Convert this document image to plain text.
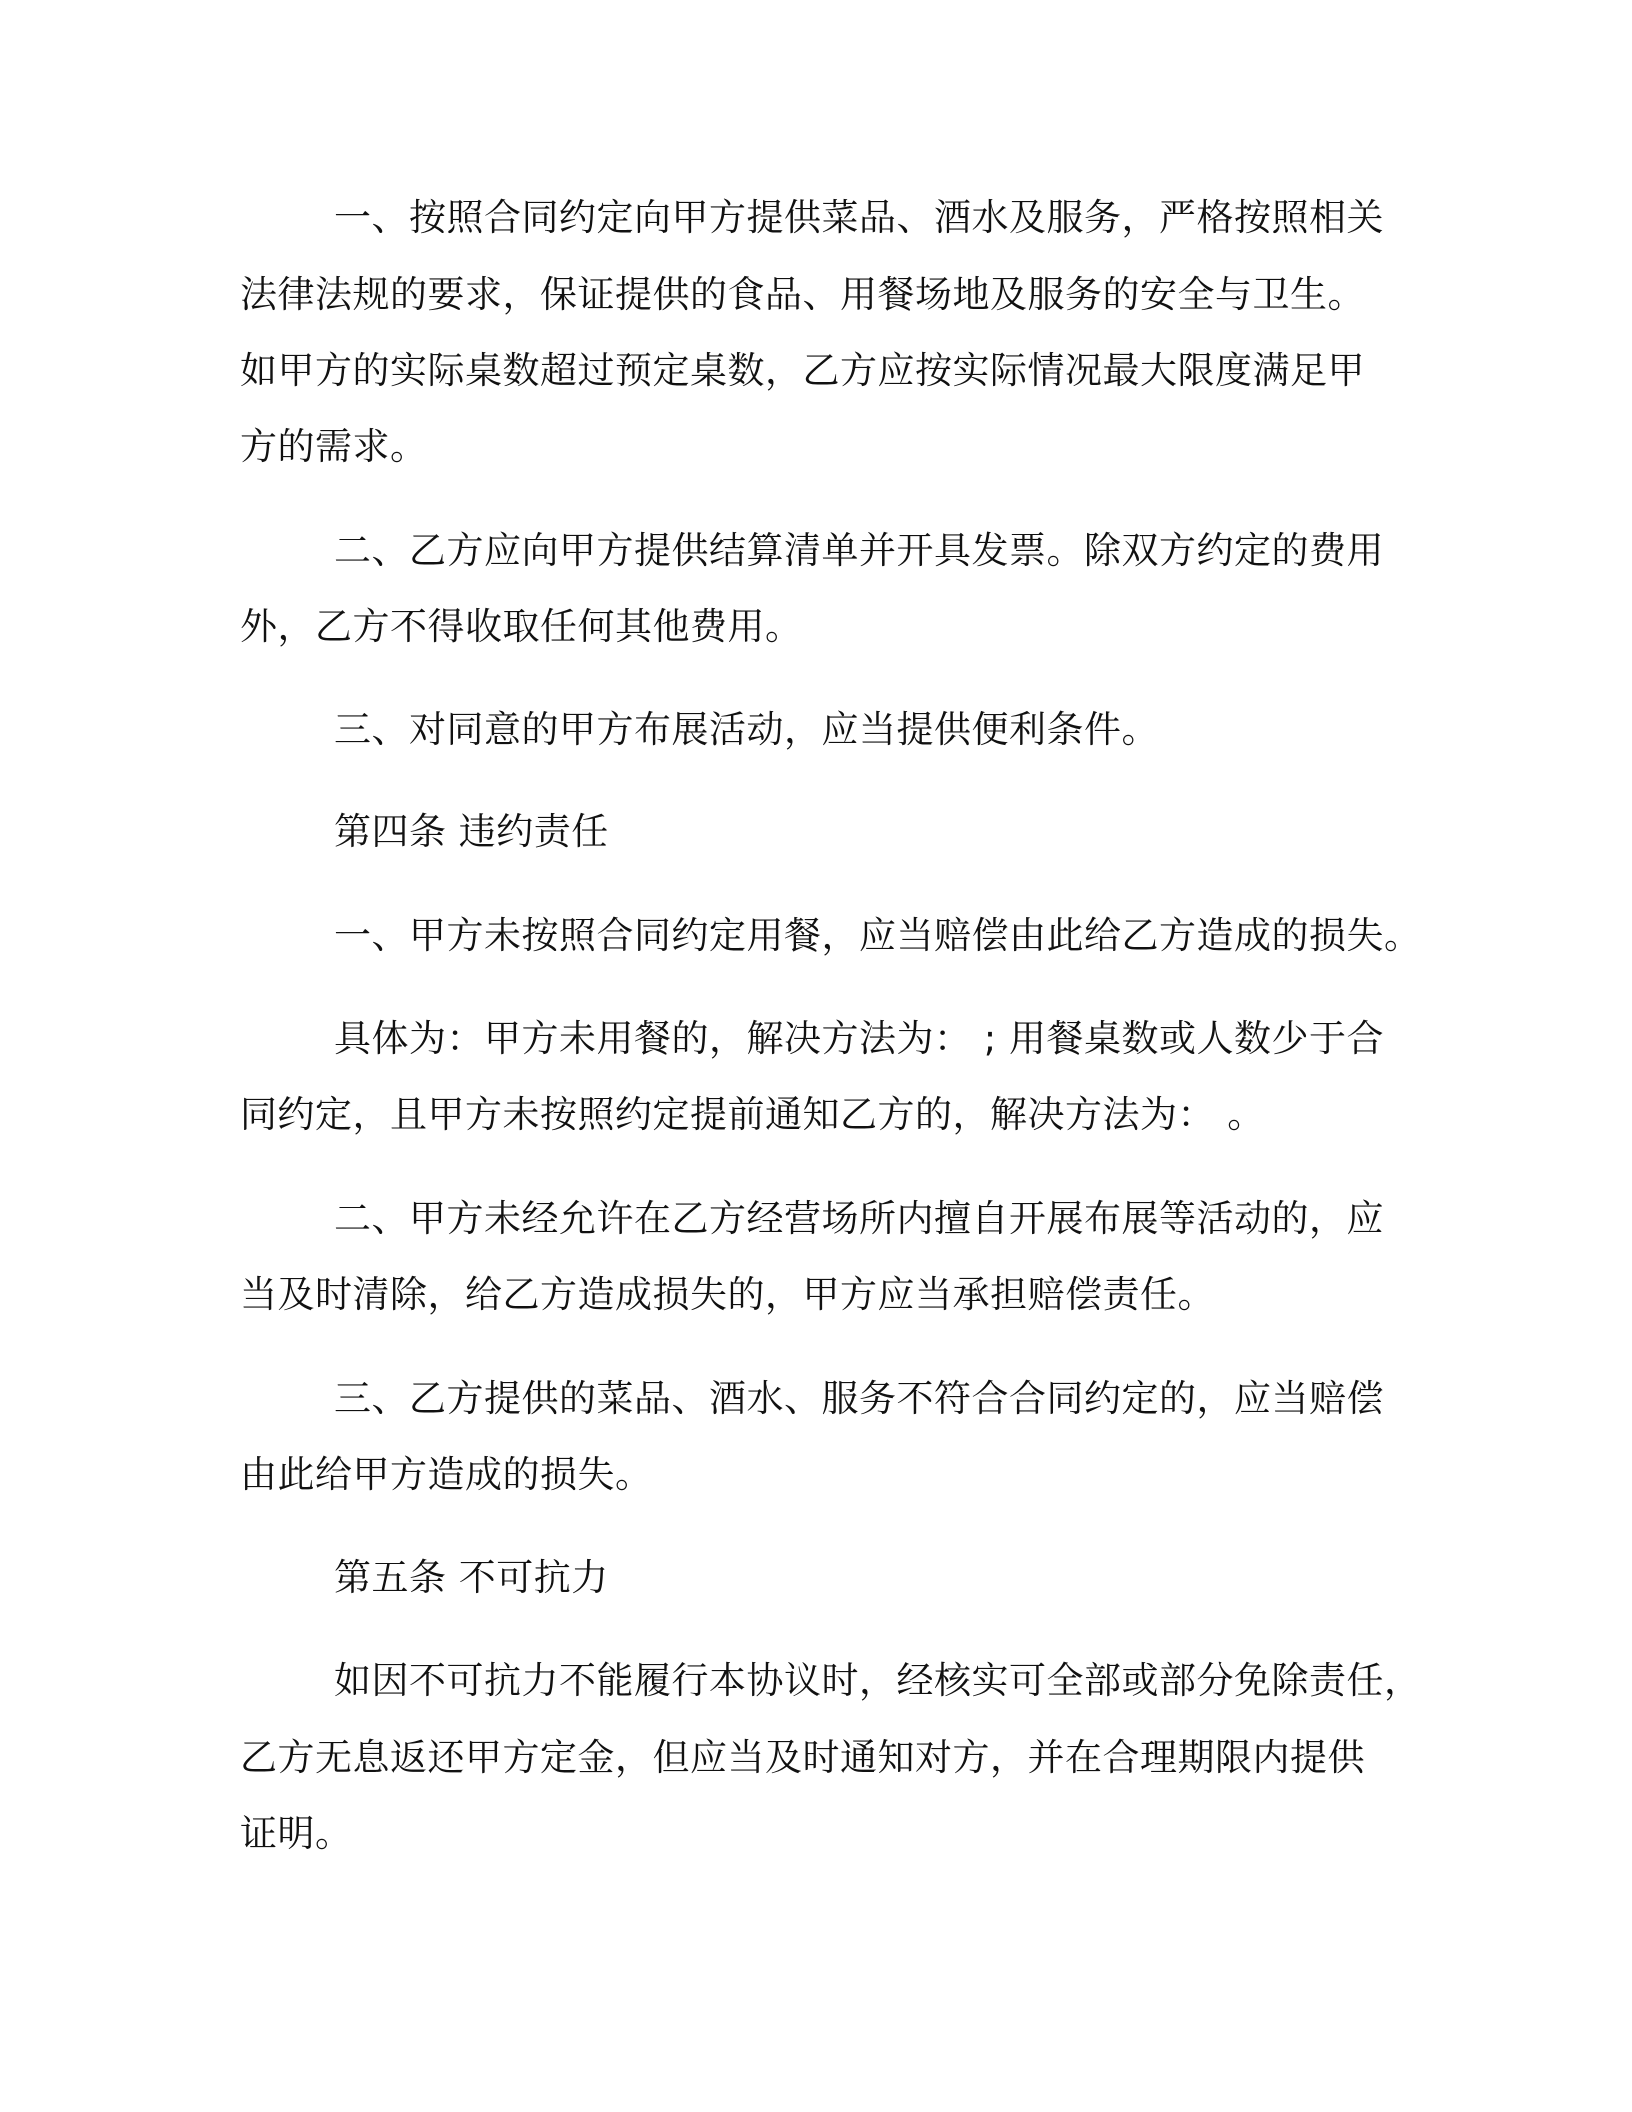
一、按照合同约定向甲方提供菜品、酒水及服务，严格按照相关
法律法规的要求，保证提供的食品、用餐场地及服务的安全与卫生。
如甲方的实际桌数超过预定桌数，乙方应按实际情况最大限度满足甲
方的需求。
二、乙方应向甲方提供结算清单并开具发票。除双方约定的费用
外，乙方不得收取任何其他费用。
三、对同意的甲方布展活动，应当提供便利条件。
第四条 违约责任
一、甲方未按照合同约定用餐，应当赔偿由此给乙方造成的损失。
具体为：甲方未用餐的，解决方法为： ; 用餐桌数或人数少于合
同约定，且甲方未按照约定提前通知乙方的，解决方法为： 。
二、甲方未经允许在乙方经营场所内擅自开展布展等活动的，应
当及时清除，给乙方造成损失的，甲方应当承担赔偿责任。
三、乙方提供的菜品、酒水、服务不符合合同约定的，应当赔偿
由此给甲方造成的损失。
第五条 不可抗力
如因不可抗力不能履行本协议时，经核实可全部或部分免除责任，
乙方无息返还甲方定金，但应当及时通知对方，并在合理期限内提供
证明。
